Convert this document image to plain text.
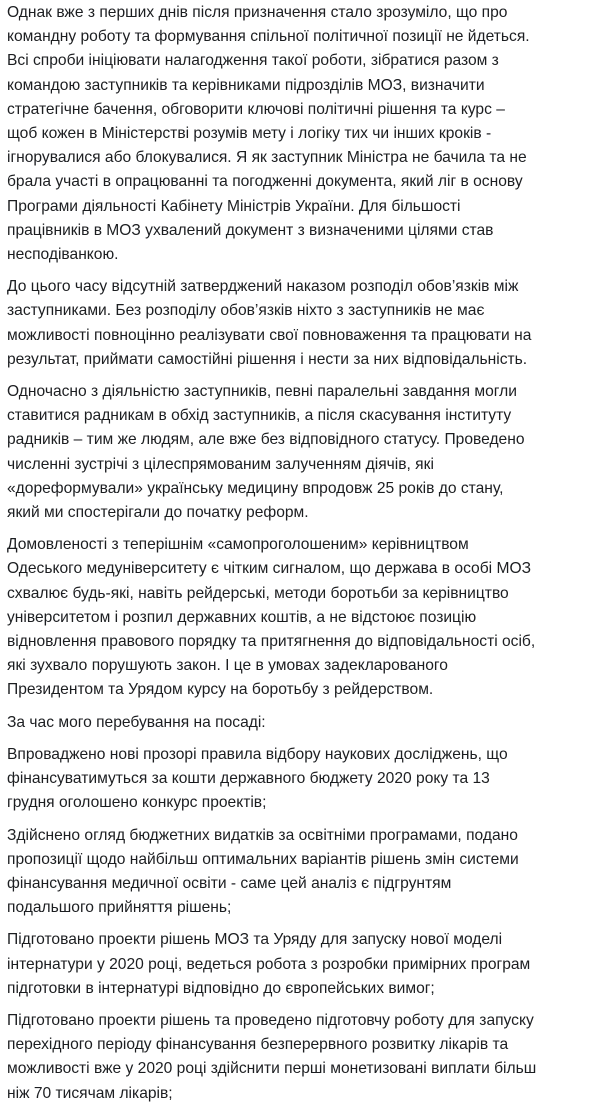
Однак вже з перших днів після призначення стало зрозуміло, що про
командну роботу та формування спільної політичної позиції не йдеться.
Всі спроби ініціювати налагодження такої роботи, зібратися разом з
командою заступників та керівниками підрозділів МОЗ, визначити
стратегічне бачення, обговорити ключові політичні рішення та курс –
щоб кожен в Міністерстві розумів мету і логіку тих чи інших кроків -
ігнорувалися або блокувалися. Я як заступник Міністра не бачила та не
брала участі в опрацюванні та погодженні документа, який ліг в основу
Програми діяльності Кабінету Міністрів України. Для більшості
працівників в МОЗ ухвалений документ з визначеними цілями став
несподіванкою.

До цього часу відсутній затверджений наказом розподіл обов’язків між
заступниками. Без розподілу обов’язків ніхто з заступників не має
можливості повноцінно реалізувати свої повноваження та працювати на
результат, приймати самостійні рішення і нести за них відповідальність.

Одночасно з діяльністю заступників, певні паралельні завдання могли
ставитися радникам в обхід заступників, а після скасування інституту
радників – тим же людям, але вже без відповідного статусу. Проведено
численні зустрічі з цілеспрямованим залученням діячів, які
«дореформували» українську медицину впродовж 25 років до стану,
який ми спостерігали до початку реформ.

Домовленості з теперішнім «самопроголошеним» керівництвом
Одеського медуніверситету є чітким сигналом, що держава в особі МОЗ
схвалює будь-які, навіть рейдерські, методи боротьби за керівництво
університетом і розпил державних коштів, а не відстоює позицію
відновлення правового порядку та притягнення до відповідальності осіб,
які зухвало порушують закон. І це в умовах задекларованого
Президентом та Урядом курсу на боротьбу з рейдерством.

За час мого перебування на посаді:

Впроваджено нові прозорі правила відбору наукових досліджень, що
фінансуватимуться за кошти державного бюджету 2020 року та 13
грудня оголошено конкурс проектів;

Здійснено огляд бюджетних видатків за освітніми програмами, подано
пропозиції щодо найбільш оптимальних варіантів рішень змін системи
фінансування медичної освіти - саме цей аналіз є підгрунтям
подальшого прийняття рішень;

Підготовано проекти рішень МОЗ та Уряду для запуску нової моделі
інтернатури у 2020 році, ведеться робота з розробки примірних програм
підготовки в інтернатурі відповідно до європейських вимог;

Підготовано проекти рішень та проведено підготовчу роботу для запуску
перехідного періоду фінансування безперервного розвитку лікарів та
можливості вже у 2020 році здійснити перші монетизовані виплати більш
ніж 70 тисячам лікарів;
